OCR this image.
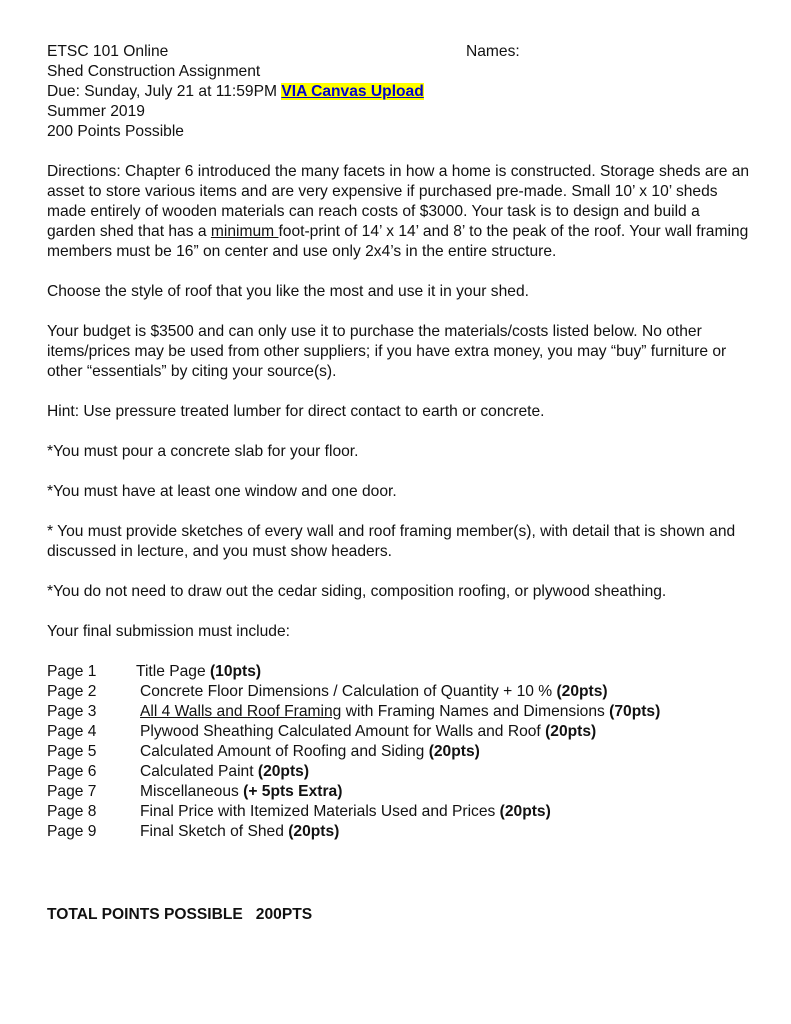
Names:
ETSC 101 Online
Shed Construction Assignment
Due: Sunday, July 21 at 11:59PM VIA Canvas Upload
Summer 2019
200 Points Possible
Directions: Chapter 6 introduced the many facets in how a home is constructed. Storage sheds are an asset to store various items and are very expensive if purchased pre-made. Small 10’ x 10’ sheds made entirely of wooden materials can reach costs of $3000. Your task is to design and build a garden shed that has a minimum foot-print of 14’ x 14’ and 8’ to the peak of the roof. Your wall framing members must be 16” on center and use only 2x4’s in the entire structure.
Choose the style of roof that you like the most and use it in your shed.
Your budget is $3500 and can only use it to purchase the materials/costs listed below. No other items/prices may be used from other suppliers; if you have extra money, you may “buy” furniture or other “essentials” by citing your source(s).
Hint: Use pressure treated lumber for direct contact to earth or concrete.
*You must pour a concrete slab for your floor.
*You must have at least one window and one door.
* You must provide sketches of every wall and roof framing member(s), with detail that is shown and discussed in lecture, and you must show headers.
*You do not need to draw out the cedar siding, composition roofing, or plywood sheathing.
Your final submission must include:
Page 1	Title Page (10pts)
Page 2	Concrete Floor Dimensions / Calculation of Quantity + 10 % (20pts)
Page 3	All 4 Walls and Roof Framing with Framing Names and Dimensions (70pts)
Page 4	Plywood Sheathing Calculated Amount for Walls and Roof (20pts)
Page 5	Calculated Amount of Roofing and Siding (20pts)
Page 6	Calculated Paint (20pts)
Page 7	Miscellaneous (+ 5pts Extra)
Page 8	Final Price with Itemized Materials Used and Prices (20pts)
Page 9	Final Sketch of Shed (20pts)
TOTAL POINTS POSSIBLE   200PTS
